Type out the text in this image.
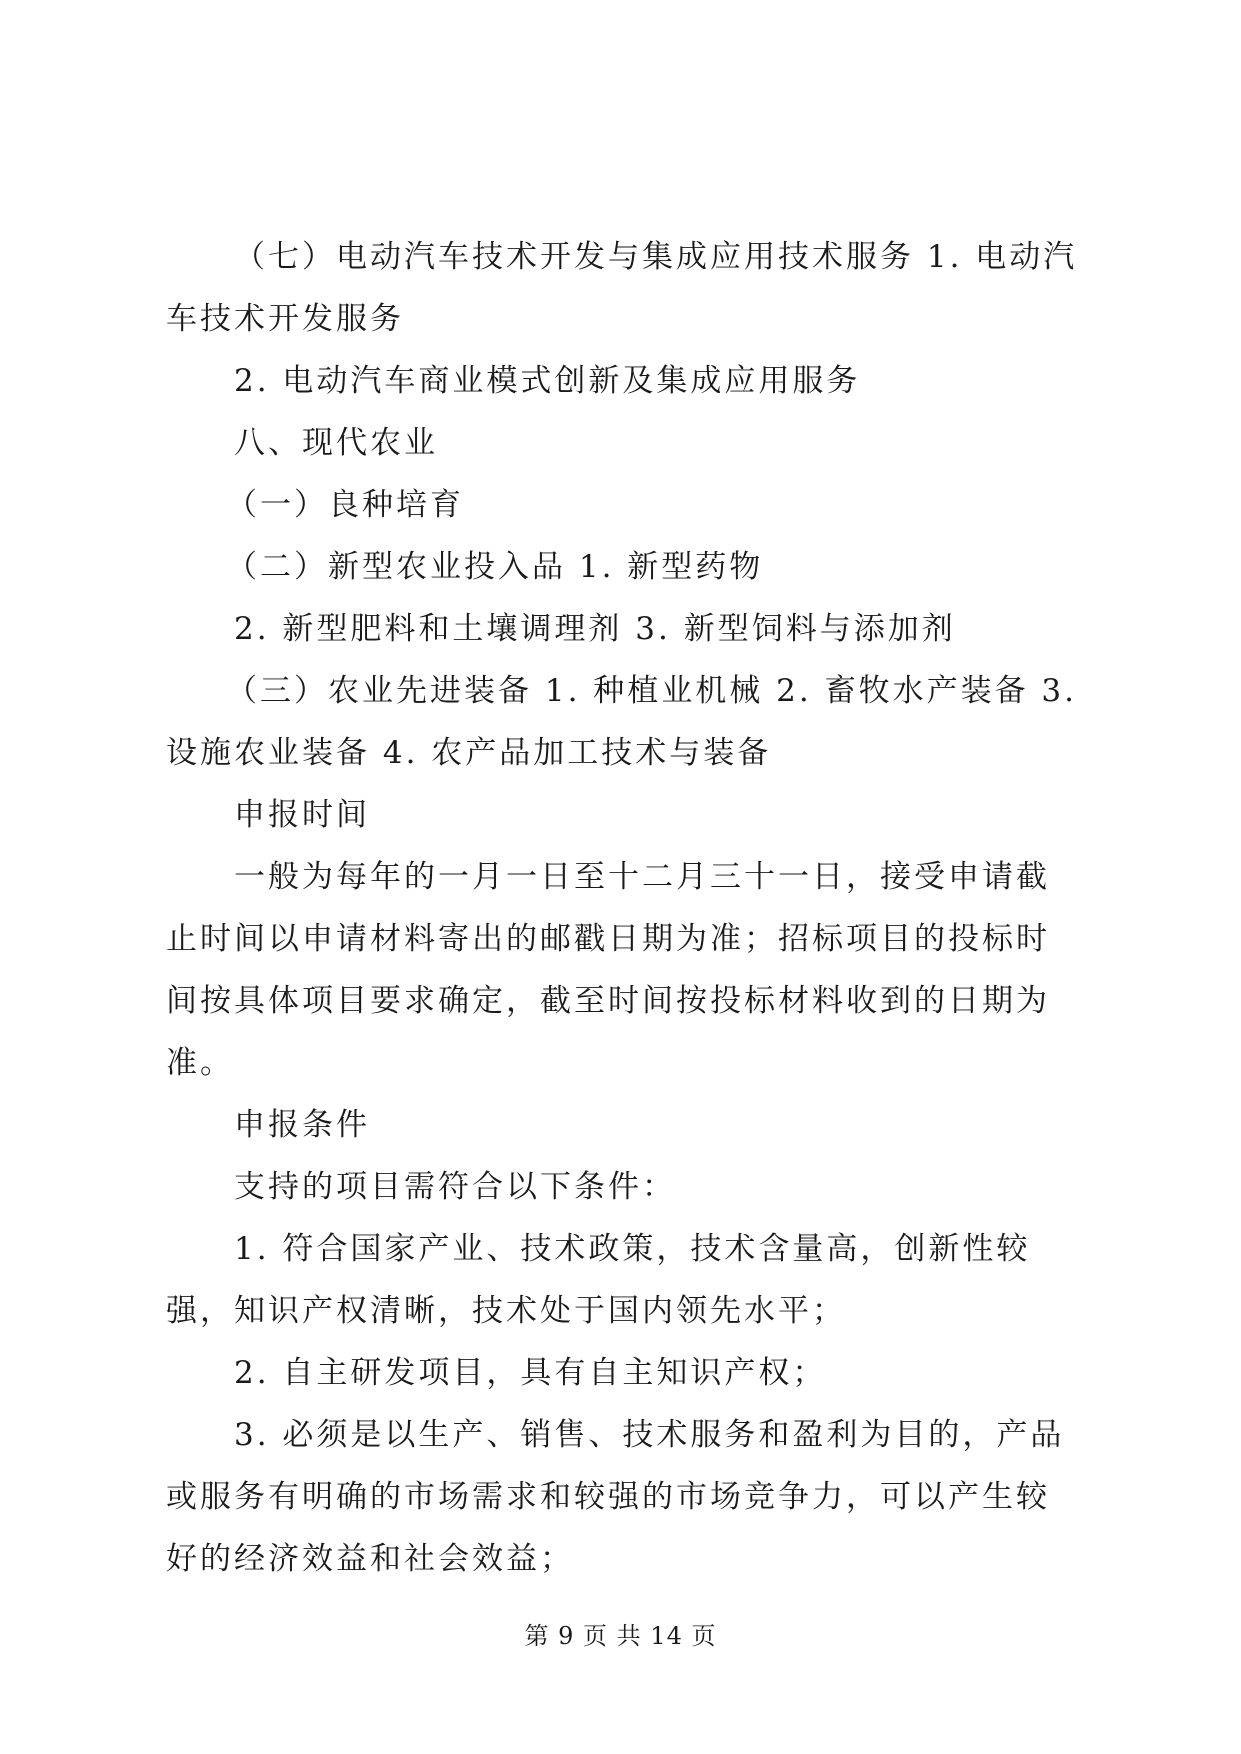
（七）电动汽车技术开发与集成应用技术服务 1. 电动汽车技术开发服务

2. 电动汽车商业模式创新及集成应用服务

八、现代农业

（一）良种培育

（二）新型农业投入品 1. 新型药物

2. 新型肥料和土壤调理剂 3. 新型饲料与添加剂

（三）农业先进装备 1. 种植业机械 2. 畜牧水产装备 3. 设施农业装备 4. 农产品加工技术与装备

申报时间

一般为每年的一月一日至十二月三十一日，接受申请截止时间以申请材料寄出的邮戳日期为准；招标项目的投标时间按具体项目要求确定，截至时间按投标材料收到的日期为准。

申报条件

支持的项目需符合以下条件：

1. 符合国家产业、技术政策，技术含量高，创新性较强，知识产权清晰，技术处于国内领先水平；

2. 自主研发项目，具有自主知识产权；

3. 必须是以生产、销售、技术服务和盈利为目的，产品或服务有明确的市场需求和较强的市场竞争力，可以产生较好的经济效益和社会效益；

第 9 页 共 14 页
